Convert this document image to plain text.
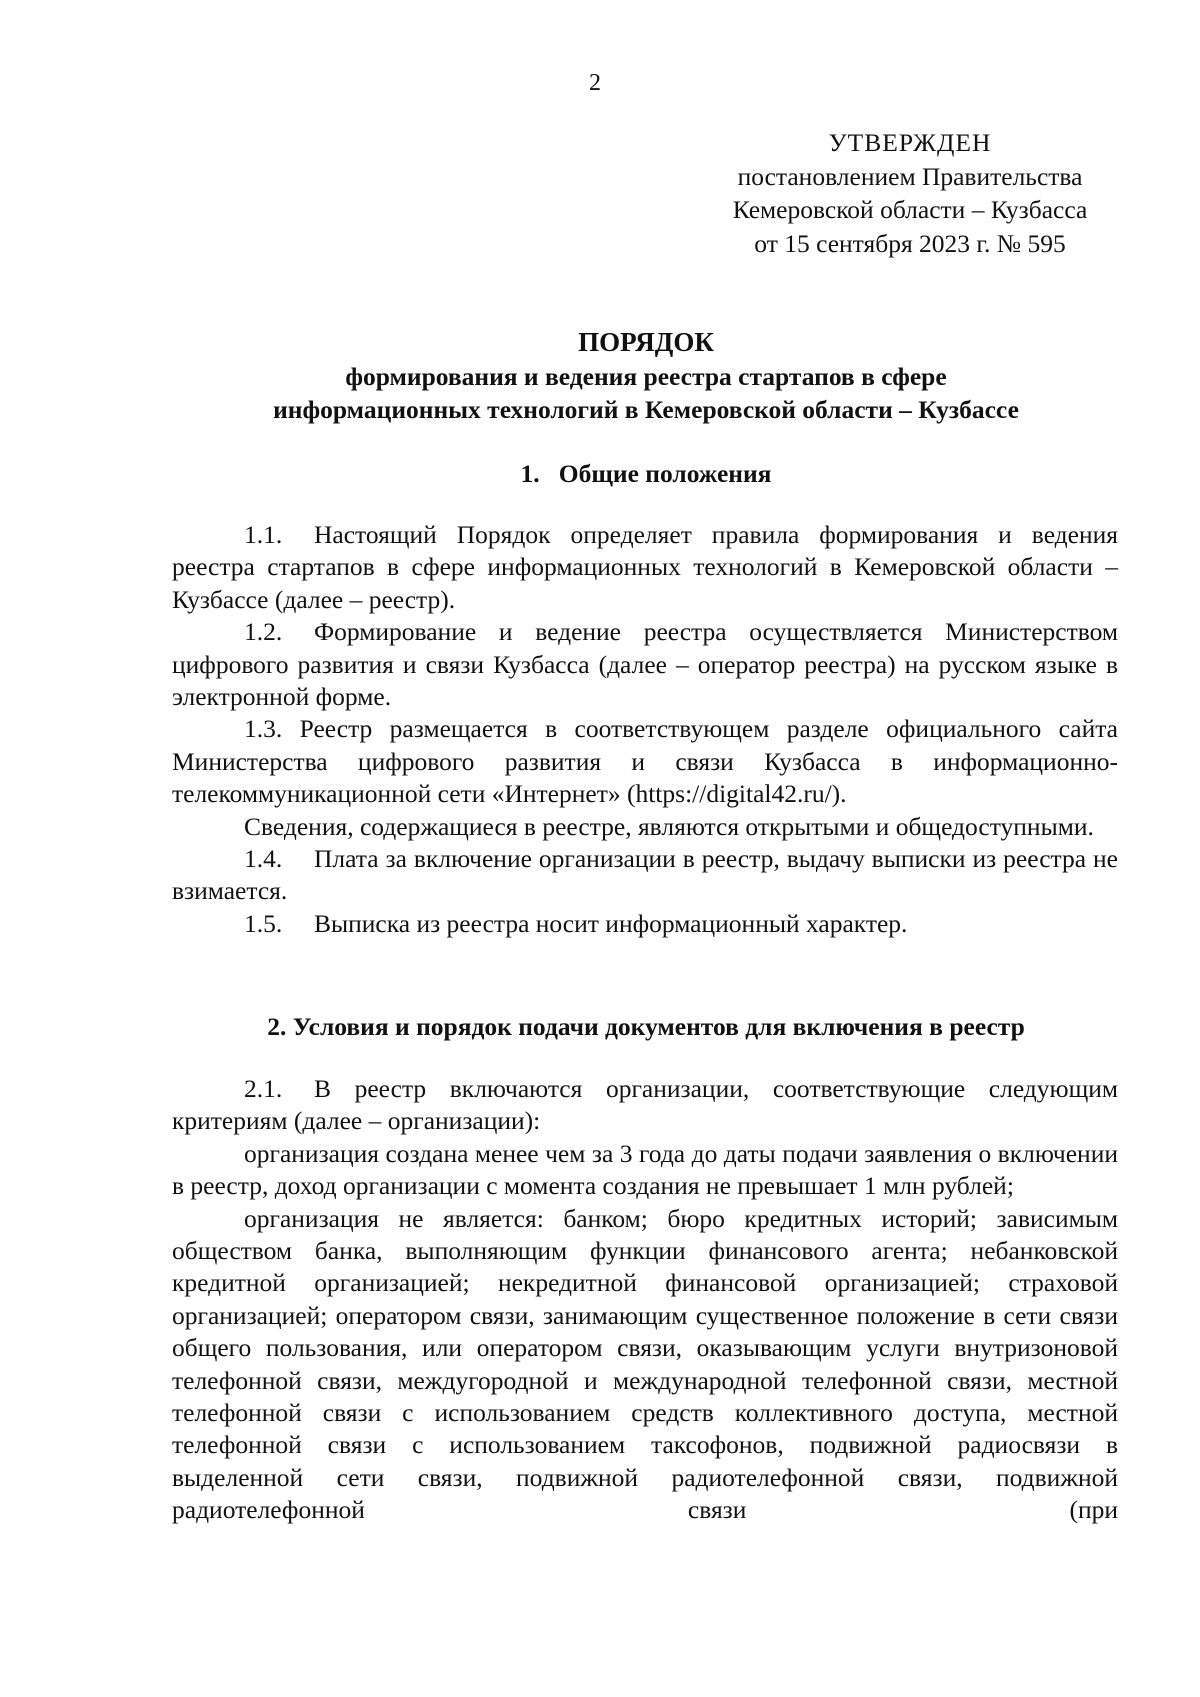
2
УТВЕРЖДЕН
постановлением Правительства
Кемеровской области – Кузбасса
от 15 сентября 2023 г. № 595
ПОРЯДОК
формирования и ведения реестра стартапов в сфере
информационных технологий в Кемеровской области – Кузбассе
1.   Общие положения

1.1. Настоящий Порядок определяет правила формирования и ведения реестра стартапов в сфере информационных технологий в Кемеровской области – Кузбассе (далее – реестр).

1.2. Формирование и ведение реестра осуществляется Министерством цифрового развития и связи Кузбасса (далее – оператор реестра) на русском языке в электронной форме.

1.3. Реестр размещается в соответствующем разделе официального сайта Министерства цифрового развития и связи Кузбасса в информационно-телекоммуникационной сети «Интернет» (https://digital42.ru/).

Сведения, содержащиеся в реестре, являются открытыми и общедоступными.

1.4. Плата за включение организации в реестр, выдачу выписки из реестра не взимается.

1.5. Выписка из реестра носит информационный характер.

2. Условия и порядок подачи документов для включения в реестр

2.1. В реестр включаются организации, соответствующие следующим критериям (далее – организации):

организация создана менее чем за 3 года до даты подачи заявления о включении в реестр, доход организации с момента создания не превышает 1 млн рублей;

организация не является: банком; бюро кредитных историй; зависимым обществом банка, выполняющим функции финансового агента; небанковской кредитной организацией; некредитной финансовой организацией; страховой организацией; оператором связи, занимающим существенное положение в сети связи общего пользования, или оператором связи, оказывающим услуги внутризоновой телефонной связи, междугородной и международной телефонной связи, местной телефонной связи с использованием средств коллективного доступа, местной телефонной связи с использованием таксофонов, подвижной радиосвязи в выделенной сети связи, подвижной радиотелефонной связи, подвижной радиотелефонной связи (при
